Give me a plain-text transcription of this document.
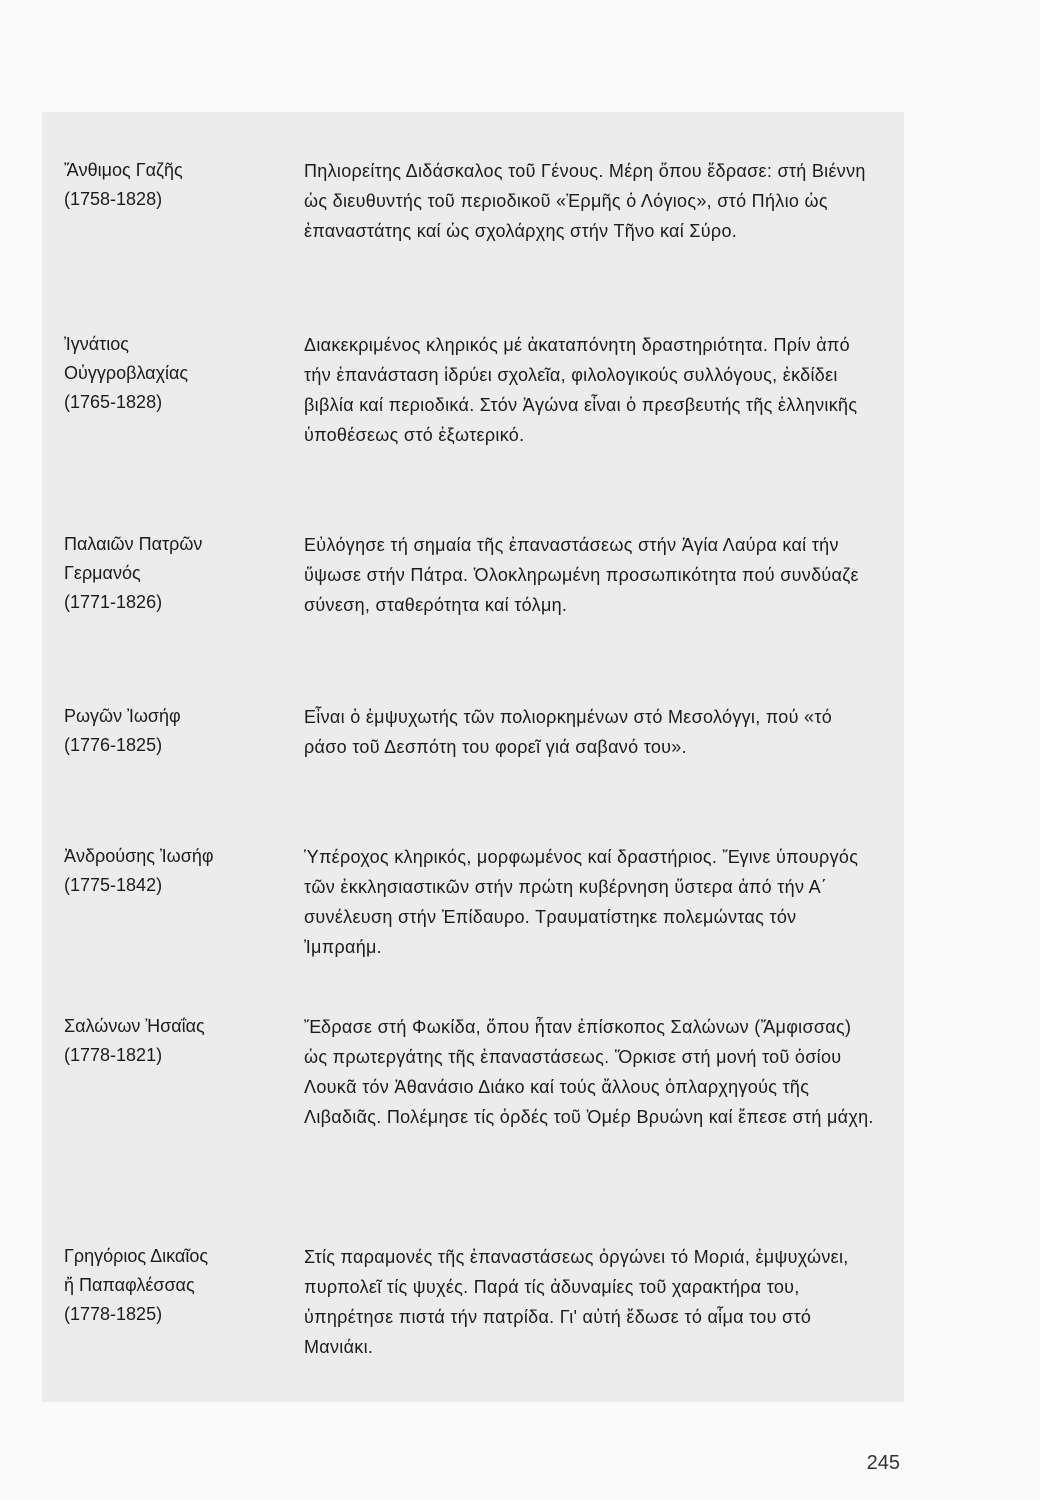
Ἄνθιμος Γαζῆς
(1758-1828)
Πηλιορείτης Διδάσκαλος τοῦ Γένους. Μέρη ὅπου ἔδρασε: στή Βιέννη ὡς διευθυντής τοῦ περιοδικοῦ «Ἑρμῆς ὁ Λόγιος», στό Πήλιο ὡς ἐπαναστάτης καί ὡς σχολάρχης στήν Τῆνο καί Σύρο.
Ἰγνάτιος
Οὐγγροβλαχίας
(1765-1828)
Διακεκριμένος κληρικός μέ ἀκαταπόνητη δραστηριότητα. Πρίν ἀπό τήν ἐπανάσταση ἱδρύει σχολεῖα, φιλολογικούς συλλόγους, ἐκδίδει βιβλία καί περιοδικά. Στόν Ἀγώνα εἶναι ὁ πρεσβευτής τῆς ἑλληνικῆς ὑποθέσεως στό ἐξωτερικό.
Παλαιῶν Πατρῶν
Γερμανός
(1771-1826)
Εὐλόγησε τή σημαία τῆς ἐπαναστάσεως στήν Ἁγία Λαύρα καί τήν ὕψωσε στήν Πάτρα. Ὁλοκληρωμένη προσωπικότητα πού συνδύαζε σύνεση, σταθερότητα καί τόλμη.
Ρωγῶν Ἰωσήφ
(1776-1825)
Εἶναι ὁ ἐμψυχωτής τῶν πολιορκημένων στό Μεσολόγγι, πού «τό ράσο τοῦ Δεσπότη του φορεῖ γιά σαβανό του».
Ἀνδρούσης Ἰωσήφ
(1775-1842)
Ὑπέροχος κληρικός, μορφωμένος καί δραστήριος. Ἔγινε ὑπουργός τῶν ἐκκλησιαστικῶν στήν πρώτη κυβέρνηση ὕστερα ἀπό τήν Α΄ συνέλευση στήν Ἐπίδαυρο. Τραυματίστηκε πολεμώντας τόν Ἰμπραήμ.
Σαλώνων Ἠσαΐας
(1778-1821)
Ἔδρασε στή Φωκίδα, ὅπου ἦταν ἐπίσκοπος Σαλώνων (Ἄμφισσας) ὡς πρωτεργάτης τῆς ἐπαναστάσεως. Ὅρκισε στή μονή τοῦ ὁσίου Λουκᾶ τόν Ἀθανάσιο Διάκο καί τούς ἄλλους ὁπλαρχηγούς τῆς Λιβαδιᾶς. Πολέμησε τίς ὀρδές τοῦ Ὀμέρ Βρυώνη καί ἔπεσε στή μάχη.
Γρηγόριος Δικαῖος
ἤ Παπαφλέσσας
(1778-1825)
Στίς παραμονές τῆς ἐπαναστάσεως ὀργώνει τό Μοριά, ἐμψυχώνει, πυρπολεῖ τίς ψυχές. Παρά τίς ἀδυναμίες τοῦ χαρακτήρα του, ὑπηρέτησε πιστά τήν πατρίδα. Γι' αὐτή ἔδωσε τό αἷμα του στό Μανιάκι.
245
